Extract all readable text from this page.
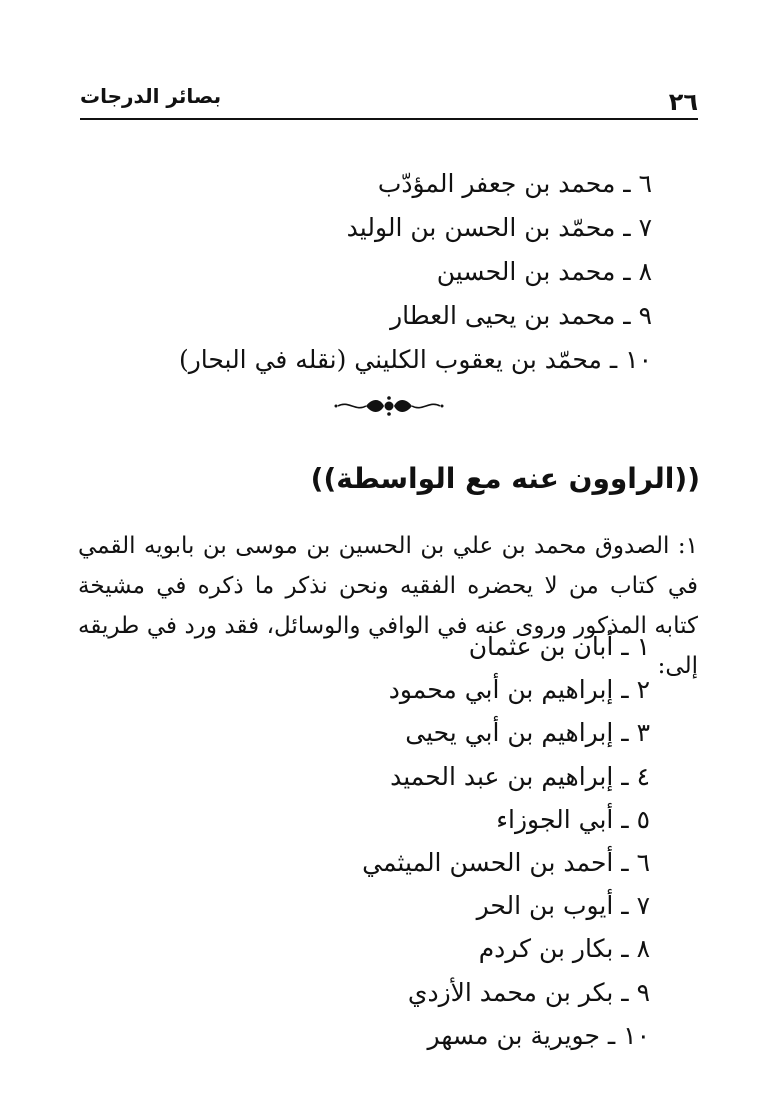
٢٦
بصائر الدرجات
٦ ـ محمد بن جعفر المؤدّب
٧ ـ محمّد بن الحسن بن الوليد
٨ ـ محمد بن الحسين
٩ ـ محمد بن يحيى العطار
١٠ ـ محمّد بن يعقوب الكليني (نقله في البحار)
((الراوون عنه مع الواسطة))

١: الصدوق محمد بن علي بن الحسين بن موسى بن بابويه القمي في كتاب من لا يحضره الفقيه ونحن نذكر ما ذكره في مشيخة كتابه المذكور وروى عنه في الوافي والوسائل، فقد ورد في طريقه إلى:

١ ـ أبان بن عثمان
٢ ـ إبراهيم بن أبي محمود
٣ ـ إبراهيم بن أبي يحيى
٤ ـ إبراهيم بن عبد الحميد
٥ ـ أبي الجوزاء
٦ ـ أحمد بن الحسن الميثمي
٧ ـ أيوب بن الحر
٨ ـ بكار بن كردم
٩ ـ بكر بن محمد الأزدي
١٠ ـ جويرية بن مسهر
